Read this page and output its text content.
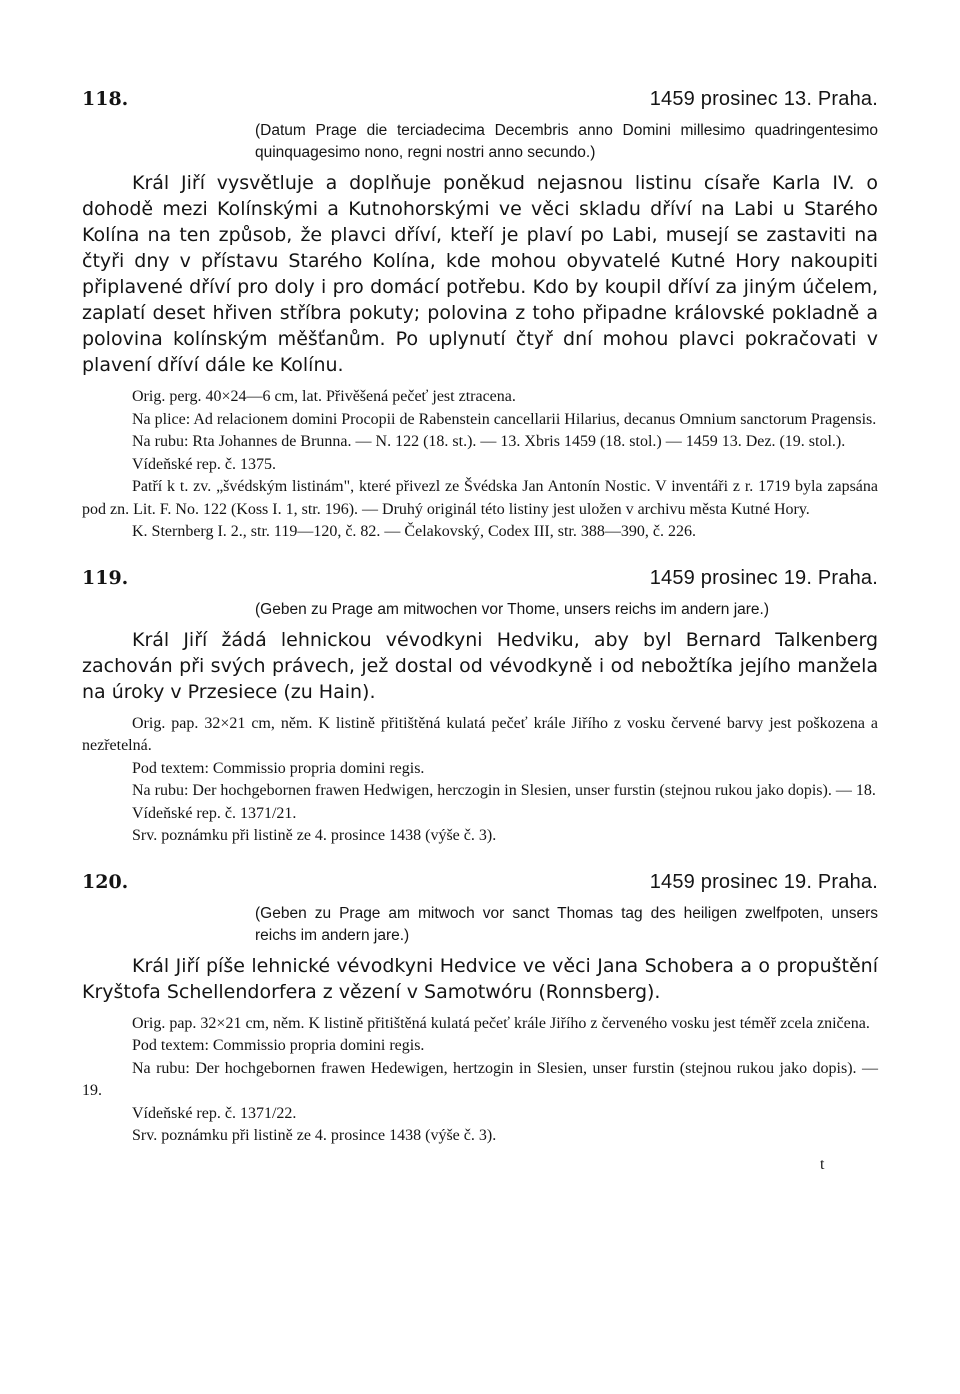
118.	1459 prosinec 13. Praha.

(Datum Prage die terciadecima Decembris anno Domini millesimo quadringentesimo quinquagesimo nono, regni nostri anno secundo.)

Král Jiří vysvětluje a doplňuje poněkud nejasnou listinu císaře Karla IV. o dohodě mezi Kolínskými a Kutnohorskými ve věci skladu dříví na Labi u Starého Kolína na ten způsob, že plavci dříví, kteří je plaví po Labi, musejí se zastaviti na čtyři dny v přístavu Starého Kolína, kde mohou obyvatelé Kutné Hory nakoupiti připlavené dříví pro doly i pro domácí potřebu. Kdo by koupil dříví za jiným účelem, zaplatí deset hřiven stříbra pokuty; polovina z toho připadne královské pokladně a polovina kolínským měšťanům. Po uplynutí čtyř dní mohou plavci pokračovati v plavení dříví dále ke Kolínu.

Orig. perg. 40×24—6 cm, lat. Přivěšená pečeť jest ztracena.

Na plice: Ad relacionem domini Procopii de Rabenstein cancellarii Hilarius, decanus Omnium sanctorum Pragensis.

Na rubu: Rta Johannes de Brunna. — N. 122 (18. st.). — 13. Xbris 1459 (18. stol.) — 1459 13. Dez. (19. stol.).

Vídeňské rep. č. 1375.

Patří k t. zv. „švédským listinám", které přivezl ze Švédska Jan Antonín Nostic. V inventáři z r. 1719 byla zapsána pod zn. Lit. F. No. 122 (Koss I. 1, str. 196). — Druhý originál této listiny jest uložen v archivu města Kutné Hory.

K. Sternberg I. 2., str. 119—120, č. 82. — Čelakovský, Codex III, str. 388—390, č. 226.

119.	1459 prosinec 19. Praha.

(Geben zu Prage am mitwochen vor Thome, unsers reichs im andern jare.)

Král Jiří žádá lehnickou vévodkyni Hedviku, aby byl Bernard Talkenberg zachován při svých právech, jež dostal od vévodkyně i od nebožtíka jejího manžela na úroky v Przesiece (zu Hain).

Orig. pap. 32×21 cm, něm. K listině přitištěná kulatá pečeť krále Jiřího z vosku červené barvy jest poškozena a nezřetelná.

Pod textem: Commissio propria domini regis.

Na rubu: Der hochgebornen frawen Hedwigen, herczogin in Slesien, unser furstin (stejnou rukou jako dopis). — 18.

Vídeňské rep. č. 1371/21.

Srv. poznámku při listině ze 4. prosince 1438 (výše č. 3).

120.	1459 prosinec 19. Praha.

(Geben zu Prage am mitwoch vor sanct Thomas tag des heiligen zwelfpoten, unsers reichs im andern jare.)

Král Jiří píše lehnické vévodkyni Hedvice ve věci Jana Schobera a o propuštění Kryštofa Schellendorfera z vězení v Samotwóru (Ronnsberg).

Orig. pap. 32×21 cm, něm. K listině přitištěná kulatá pečeť krále Jiřího z červeného vosku jest téměř zcela zničena.

Pod textem: Commissio propria domini regis.

Na rubu: Der hochgebornen frawen Hedewigen, hertzogin in Slesien, unser furstin (stejnou rukou jako dopis). — 19.

Vídeňské rep. č. 1371/22.

Srv. poznámku při listině ze 4. prosince 1438 (výše č. 3).

t
